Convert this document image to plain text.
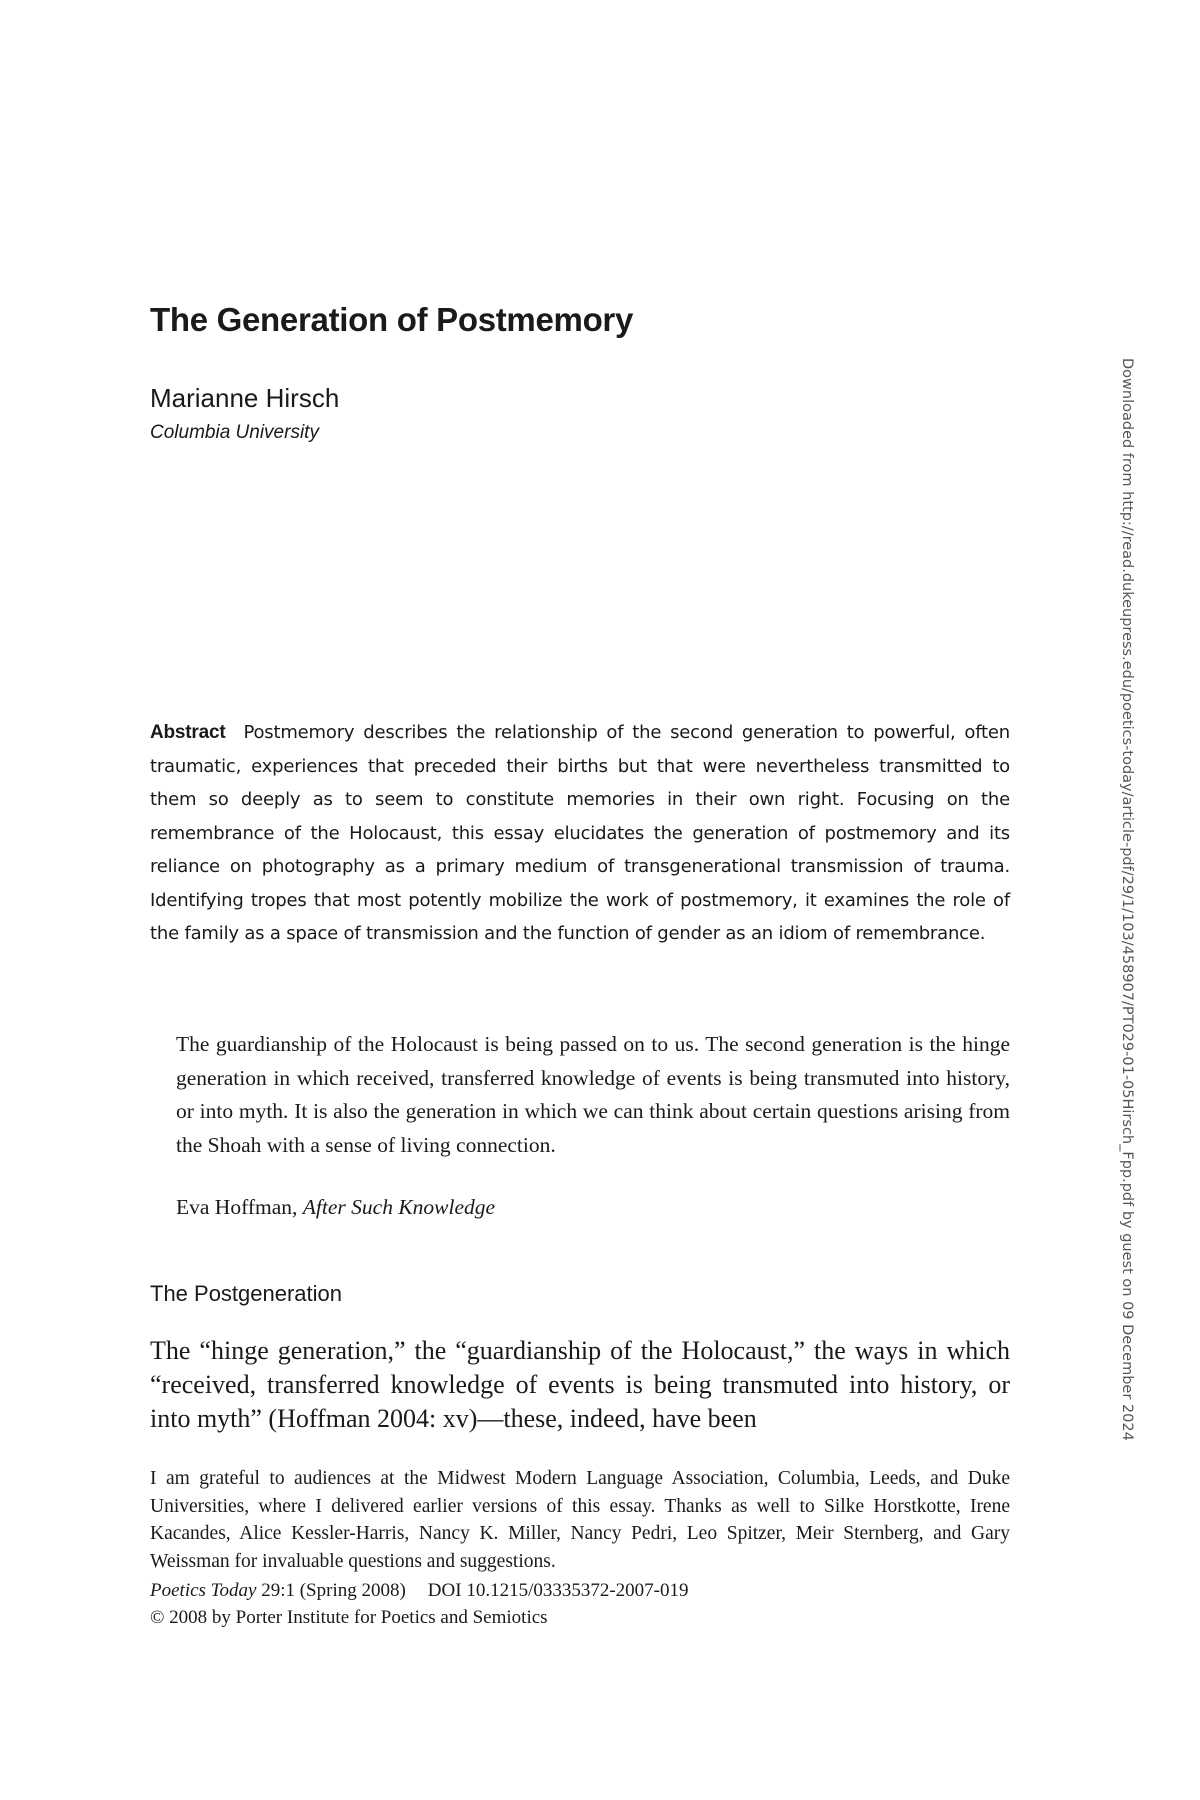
The Generation of Postmemory

Marianne Hirsch

Columbia University

Abstract Postmemory describes the relationship of the second generation to powerful, often traumatic, experiences that preceded their births but that were nevertheless transmitted to them so deeply as to seem to constitute memories in their own right. Focusing on the remembrance of the Holocaust, this essay elucidates the generation of postmemory and its reliance on photography as a primary medium of transgenerational transmission of trauma. Identifying tropes that most potently mobilize the work of postmemory, it examines the role of the family as a space of transmission and the function of gender as an idiom of remembrance.

The guardianship of the Holocaust is being passed on to us. The second generation is the hinge generation in which received, transferred knowledge of events is being transmuted into history, or into myth. It is also the generation in which we can think about certain questions arising from the Shoah with a sense of living connection.

Eva Hoffman, After Such Knowledge

The Postgeneration

The “hinge generation,” the “guardianship of the Holocaust,” the ways in which “received, transferred knowledge of events is being transmuted into history, or into myth” (Hoffman 2004: xv)—these, indeed, have been

I am grateful to audiences at the Midwest Modern Language Association, Columbia, Leeds, and Duke Universities, where I delivered earlier versions of this essay. Thanks as well to Silke Horstkotte, Irene Kacandes, Alice Kessler-Harris, Nancy K. Miller, Nancy Pedri, Leo Spitzer, Meir Sternberg, and Gary Weissman for invaluable questions and suggestions.

Poetics Today 29:1 (Spring 2008) DOI 10.1215/03335372-2007-019
© 2008 by Porter Institute for Poetics and Semiotics

Downloaded from http://read.dukeupress.edu/poetics-today/article-pdf/29/1/103/458907/PT029-01-05Hirsch_Fpp.pdf by guest on 09 December 2024
